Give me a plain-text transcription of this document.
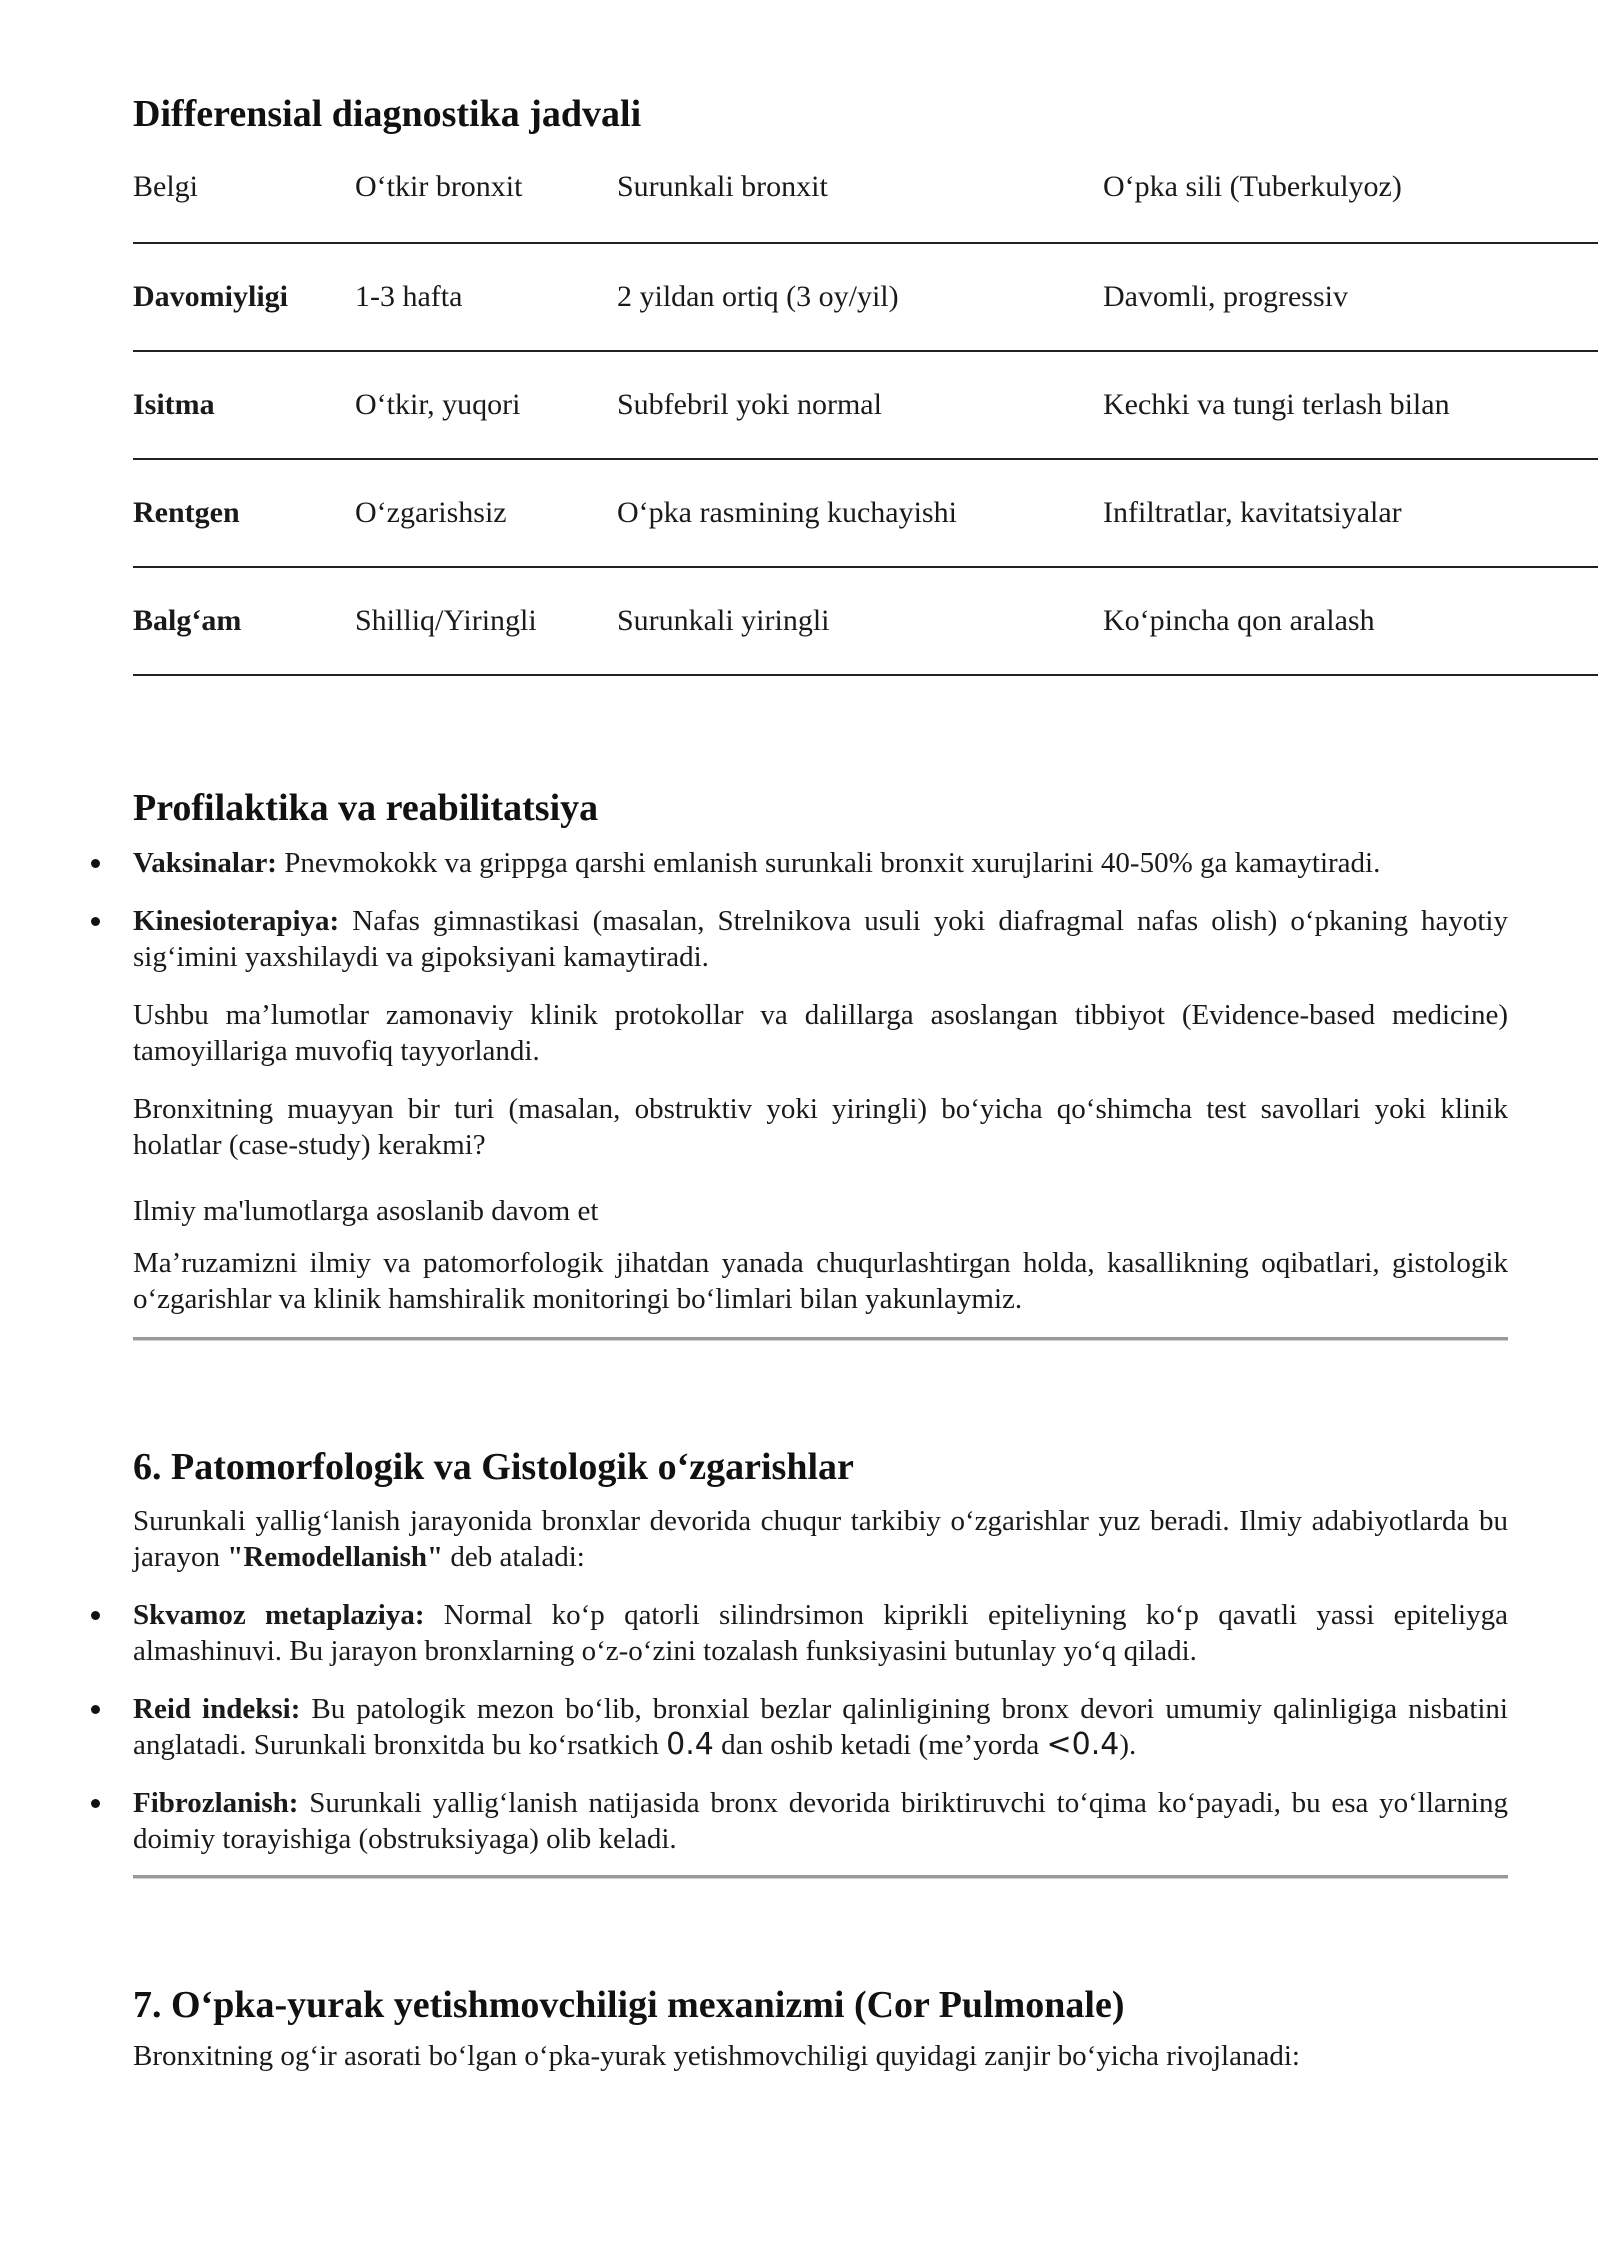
Differensial diagnostika jadvali
Belgi	O‘tkir bronxit	Surunkali bronxit	O‘pka sili (Tuberkulyoz)
Davomiyligi	1-3 hafta	2 yildan ortiq (3 oy/yil)	Davomli, progressiv
Isitma	O‘tkir, yuqori	Subfebril yoki normal	Kechki va tungi terlash bilan
Rentgen	O‘zgarishsiz	O‘pka rasmining kuchayishi	Infiltratlar, kavitatsiyalar
Balg‘am	Shilliq/Yiringli	Surunkali yiringli	Ko‘pincha qon aralash
Profilaktika va reabilitatsiya
Vaksinalar: Pnevmokokk va grippga qarshi emlanish surunkali bronxit xurujlarini 40-50% ga kamaytiradi.
Kinesioterapiya: Nafas gimnastikasi (masalan, Strelnikova usuli yoki diafragmal nafas olish) o‘pkaning hayotiy sig‘imini yaxshilaydi va gipoksiyani kamaytiradi.

Ushbu ma’lumotlar zamonaviy klinik protokollar va dalillarga asoslangan tibbiyot (Evidence-based medicine) tamoyillariga muvofiq tayyorlandi.

Bronxitning muayyan bir turi (masalan, obstruktiv yoki yiringli) bo‘yicha qo‘shimcha test savollari yoki klinik holatlar (case-study) kerakmi?

Ilmiy ma'lumotlarga asoslanib davom et

Ma’ruzamizni ilmiy va patomorfologik jihatdan yanada chuqurlashtirgan holda, kasallikning oqibatlari, gistologik o‘zgarishlar va klinik hamshiralik monitoringi bo‘limlari bilan yakunlaymiz.

6. Patomorfologik va Gistologik o‘zgarishlar

Surunkali yallig‘lanish jarayonida bronxlar devorida chuqur tarkibiy o‘zgarishlar yuz beradi. Ilmiy adabiyotlarda bu jarayon "Remodellanish" deb ataladi:

Skvamoz metaplaziya: Normal ko‘p qatorli silindrsimon kiprikli epiteliyning ko‘p qavatli yassi epiteliyga almashinuvi. Bu jarayon bronxlarning o‘z-o‘zini tozalash funksiyasini butunlay yo‘q qiladi.
Reid indeksi: Bu patologik mezon bo‘lib, bronxial bezlar qalinligining bronx devori umumiy qalinligiga nisbatini anglatadi. Surunkali bronxitda bu ko‘rsatkich 0.4 dan oshib ketadi (me’yorda <0.4).
Fibrozlanish: Surunkali yallig‘lanish natijasida bronx devorida biriktiruvchi to‘qima ko‘payadi, bu esa yo‘llarning doimiy torayishiga (obstruksiyaga) olib keladi.
7. O‘pka-yurak yetishmovchiligi mexanizmi (Cor Pulmonale)

Bronxitning og‘ir asorati bo‘lgan o‘pka-yurak yetishmovchiligi quyidagi zanjir bo‘yicha rivojlanadi:
